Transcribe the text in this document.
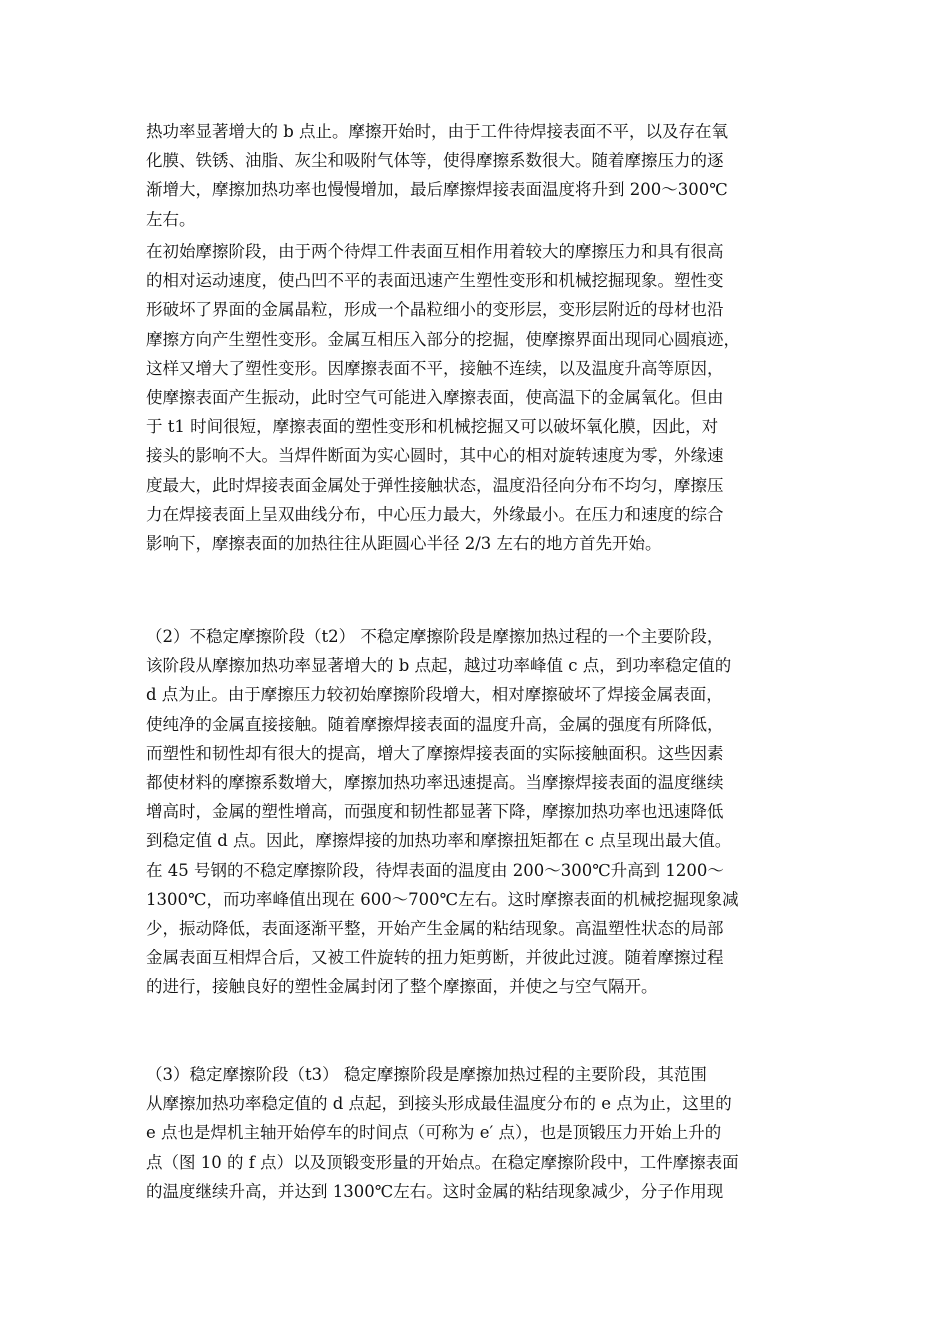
热功率显著增大的 b 点止。摩擦开始时，由于工件待焊接表面不平，以及存在氧
化膜、铁锈、油脂、灰尘和吸附气体等，使得摩擦系数很大。随着摩擦压力的逐
渐增大，摩擦加热功率也慢慢增加，最后摩擦焊接表面温度将升到 200～300℃
左右。
在初始摩擦阶段，由于两个待焊工件表面互相作用着较大的摩擦压力和具有很高
的相对运动速度，使凸凹不平的表面迅速产生塑性变形和机械挖掘现象。塑性变
形破坏了界面的金属晶粒，形成一个晶粒细小的变形层，变形层附近的母材也沿
摩擦方向产生塑性变形。金属互相压入部分的挖掘，使摩擦界面出现同心圆痕迹，
这样又增大了塑性变形。因摩擦表面不平，接触不连续，以及温度升高等原因，
使摩擦表面产生振动，此时空气可能进入摩擦表面，使高温下的金属氧化。但由
于 t1 时间很短，摩擦表面的塑性变形和机械挖掘又可以破坏氧化膜，因此，对
接头的影响不大。当焊件断面为实心圆时，其中心的相对旋转速度为零，外缘速
度最大，此时焊接表面金属处于弹性接触状态，温度沿径向分布不均匀，摩擦压
力在焊接表面上呈双曲线分布，中心压力最大，外缘最小。在压力和速度的综合
影响下，摩擦表面的加热往往从距圆心半径 2/3 左右的地方首先开始。
（2）不稳定摩擦阶段（t2） 不稳定摩擦阶段是摩擦加热过程的一个主要阶段，
该阶段从摩擦加热功率显著增大的 b 点起，越过功率峰值 c 点，到功率稳定值的
d 点为止。由于摩擦压力较初始摩擦阶段增大，相对摩擦破坏了焊接金属表面，
使纯净的金属直接接触。随着摩擦焊接表面的温度升高，金属的强度有所降低，
而塑性和韧性却有很大的提高，增大了摩擦焊接表面的实际接触面积。这些因素
都使材料的摩擦系数增大，摩擦加热功率迅速提高。当摩擦焊接表面的温度继续
增高时，金属的塑性增高，而强度和韧性都显著下降，摩擦加热功率也迅速降低
到稳定值 d 点。因此，摩擦焊接的加热功率和摩擦扭矩都在 c 点呈现出最大值。
在 45 号钢的不稳定摩擦阶段，待焊表面的温度由 200～300℃升高到 1200～
1300℃，而功率峰值出现在 600～700℃左右。这时摩擦表面的机械挖掘现象减
少，振动降低，表面逐渐平整，开始产生金属的粘结现象。高温塑性状态的局部
金属表面互相焊合后，又被工件旋转的扭力矩剪断，并彼此过渡。随着摩擦过程
的进行，接触良好的塑性金属封闭了整个摩擦面，并使之与空气隔开。
（3）稳定摩擦阶段（t3） 稳定摩擦阶段是摩擦加热过程的主要阶段，其范围
从摩擦加热功率稳定值的 d 点起，到接头形成最佳温度分布的 e 点为止，这里的
e 点也是焊机主轴开始停车的时间点（可称为 e′ 点），也是顶锻压力开始上升的
点（图 10 的 f 点）以及顶锻变形量的开始点。在稳定摩擦阶段中，工件摩擦表面
的温度继续升高，并达到 1300℃左右。这时金属的粘结现象减少，分子作用现
